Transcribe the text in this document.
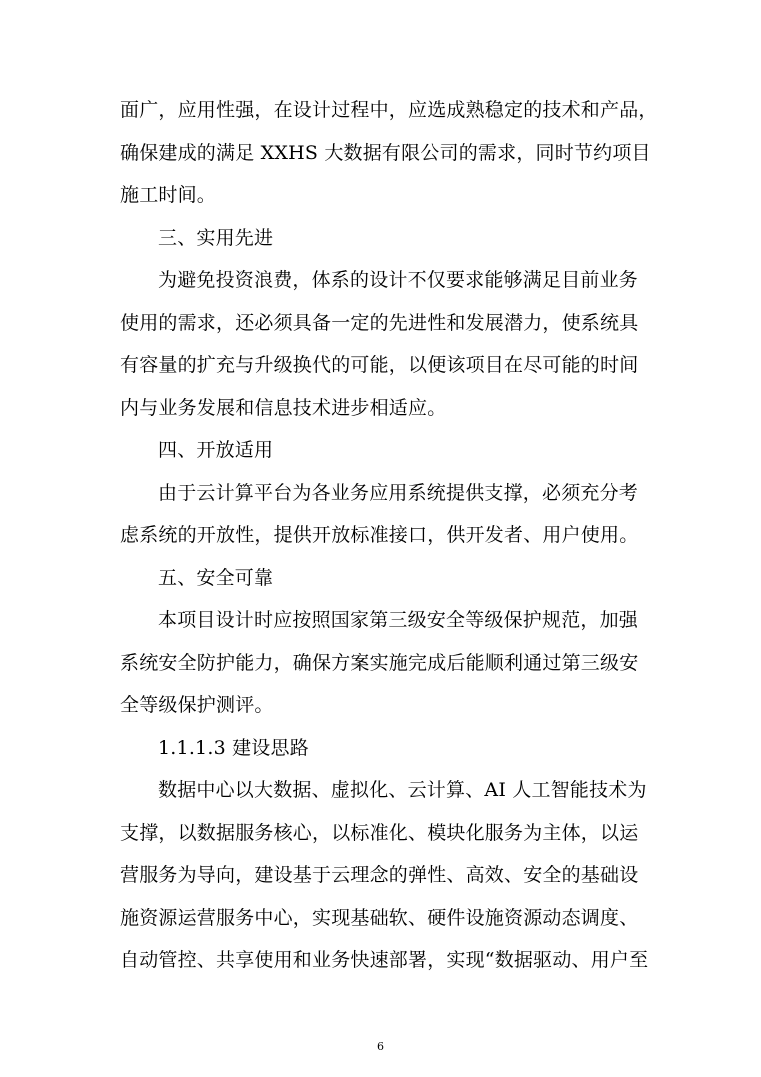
面广，应用性强，在设计过程中，应选成熟稳定的技术和产品，
确保建成的满足 XXHS 大数据有限公司的需求，同时节约项目
施工时间。
三、实用先进
为避免投资浪费，体系的设计不仅要求能够满足目前业务
使用的需求，还必须具备一定的先进性和发展潜力，使系统具
有容量的扩充与升级换代的可能，以便该项目在尽可能的时间
内与业务发展和信息技术进步相适应。
四、开放适用
由于云计算平台为各业务应用系统提供支撑，必须充分考
虑系统的开放性，提供开放标准接口，供开发者、用户使用。
五、安全可靠
本项目设计时应按照国家第三级安全等级保护规范，加强
系统安全防护能力，确保方案实施完成后能顺利通过第三级安
全等级保护测评。
1.1.1.3 建设思路
数据中心以大数据、虚拟化、云计算、AI 人工智能技术为
支撑，以数据服务核心，以标准化、模块化服务为主体，以运
营服务为导向，建设基于云理念的弹性、高效、安全的基础设
施资源运营服务中心，实现基础软、硬件设施资源动态调度、
自动管控、共享使用和业务快速部署，实现“数据驱动、用户至
6
